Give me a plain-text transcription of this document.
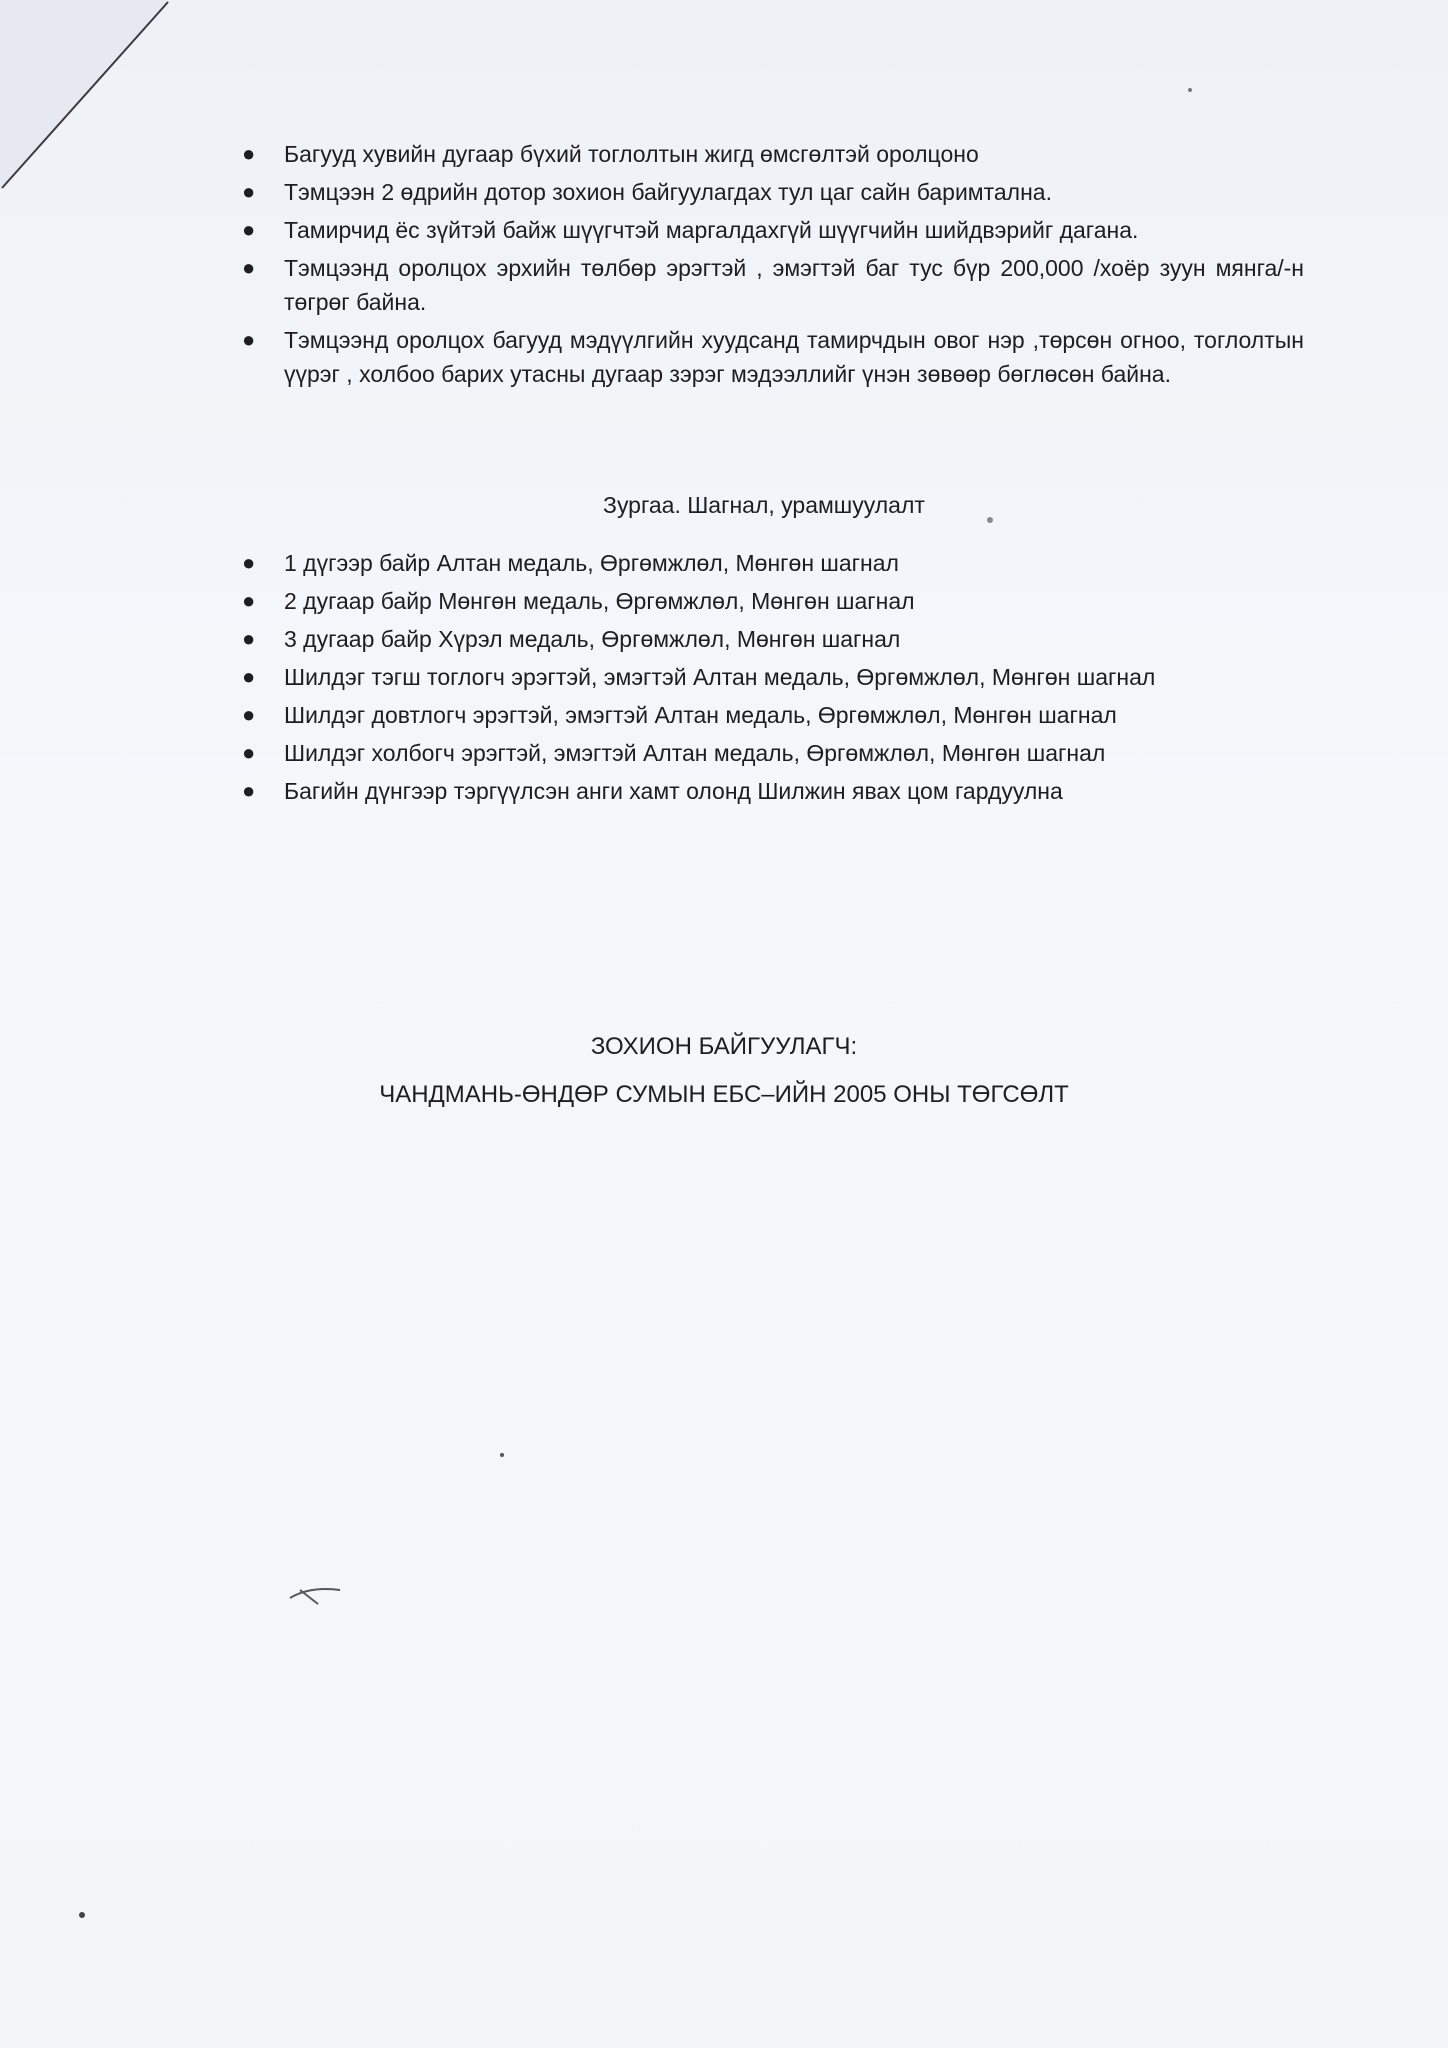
● Багууд хувийн дугаар бүхий тоглолтын жигд өмсгөлтэй оролцоно
● Тэмцээн 2 өдрийн дотор зохион байгуулагдах тул цаг сайн баримтална.
● Тамирчид ёс зүйтэй байж шүүгчтэй маргалдахгүй шүүгчийн шийдвэрийг дагана.
● Тэмцээнд оролцох эрхийн төлбөр эрэгтэй , эмэгтэй баг тус бүр 200,000 /хоёр зуун мянга/-н төгрөг байна.
● Тэмцээнд оролцох багууд мэдүүлгийн хуудсанд тамирчдын овог нэр ,төрсөн огноо, тоглолтын үүрэг , холбоо барих утасны дугаар зэрэг мэдээллийг үнэн зөвөөр бөглөсөн байна.
Зургаа. Шагнал, урамшуулалт
● 1 дүгээр байр Алтан медаль, Өргөмжлөл, Мөнгөн шагнал
● 2 дугаар байр Мөнгөн медаль, Өргөмжлөл, Мөнгөн шагнал
● 3 дугаар байр Хүрэл медаль, Өргөмжлөл, Мөнгөн шагнал
● Шилдэг тэгш тоглогч эрэгтэй, эмэгтэй Алтан медаль, Өргөмжлөл, Мөнгөн шагнал
● Шилдэг довтлогч эрэгтэй, эмэгтэй Алтан медаль, Өргөмжлөл, Мөнгөн шагнал
● Шилдэг холбогч эрэгтэй, эмэгтэй Алтан медаль, Өргөмжлөл, Мөнгөн шагнал
● Багийн дүнгээр тэргүүлсэн анги хамт олонд Шилжин явах цом гардуулна
ЗОХИОН БАЙГУУЛАГЧ:
ЧАНДМАНЬ-ӨНДӨР СУМЫН ЕБС–ИЙН 2005 ОНЫ ТӨГСӨЛТ
